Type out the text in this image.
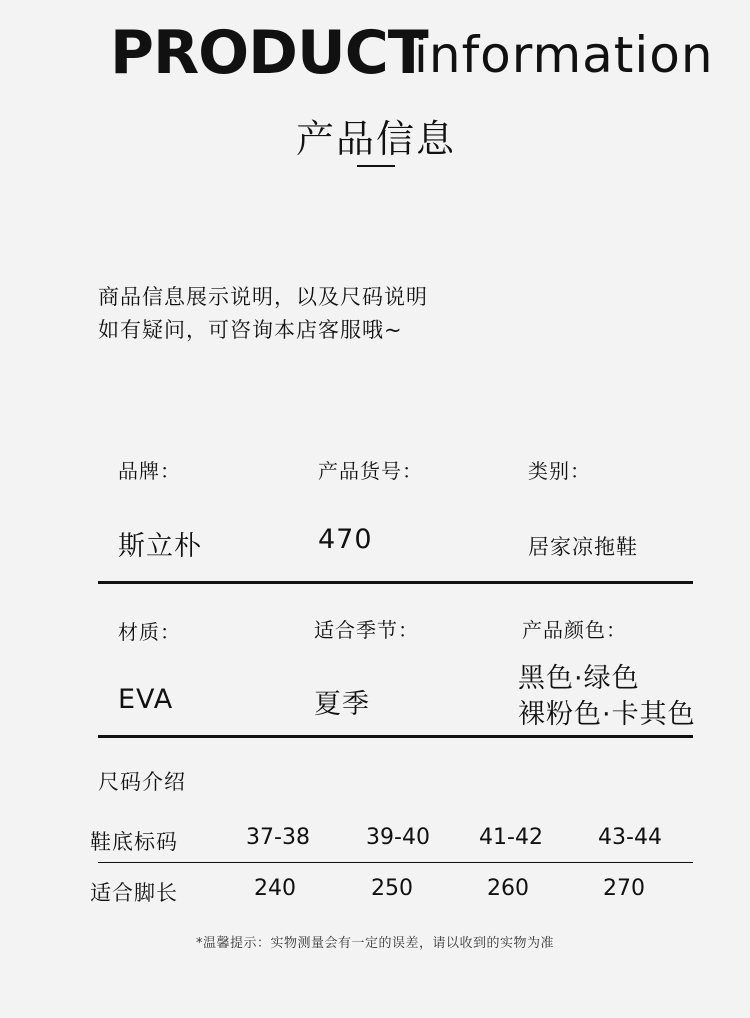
PRODUCT
information
产品信息
商品信息展示说明，以及尺码说明
如有疑问，可咨询本店客服哦~
品牌：	产品货号：	类别：
斯立朴	470	居家凉拖鞋
材质：	适合季节：	产品颜色：
EVA	夏季
黑色·绿色
裸粉色·卡其色
尺码介绍
鞋底标码	37-38	39-40	41-42	43-44
适合脚长	240	250	260	270
*温馨提示：实物测量会有一定的误差，请以收到的实物为准
